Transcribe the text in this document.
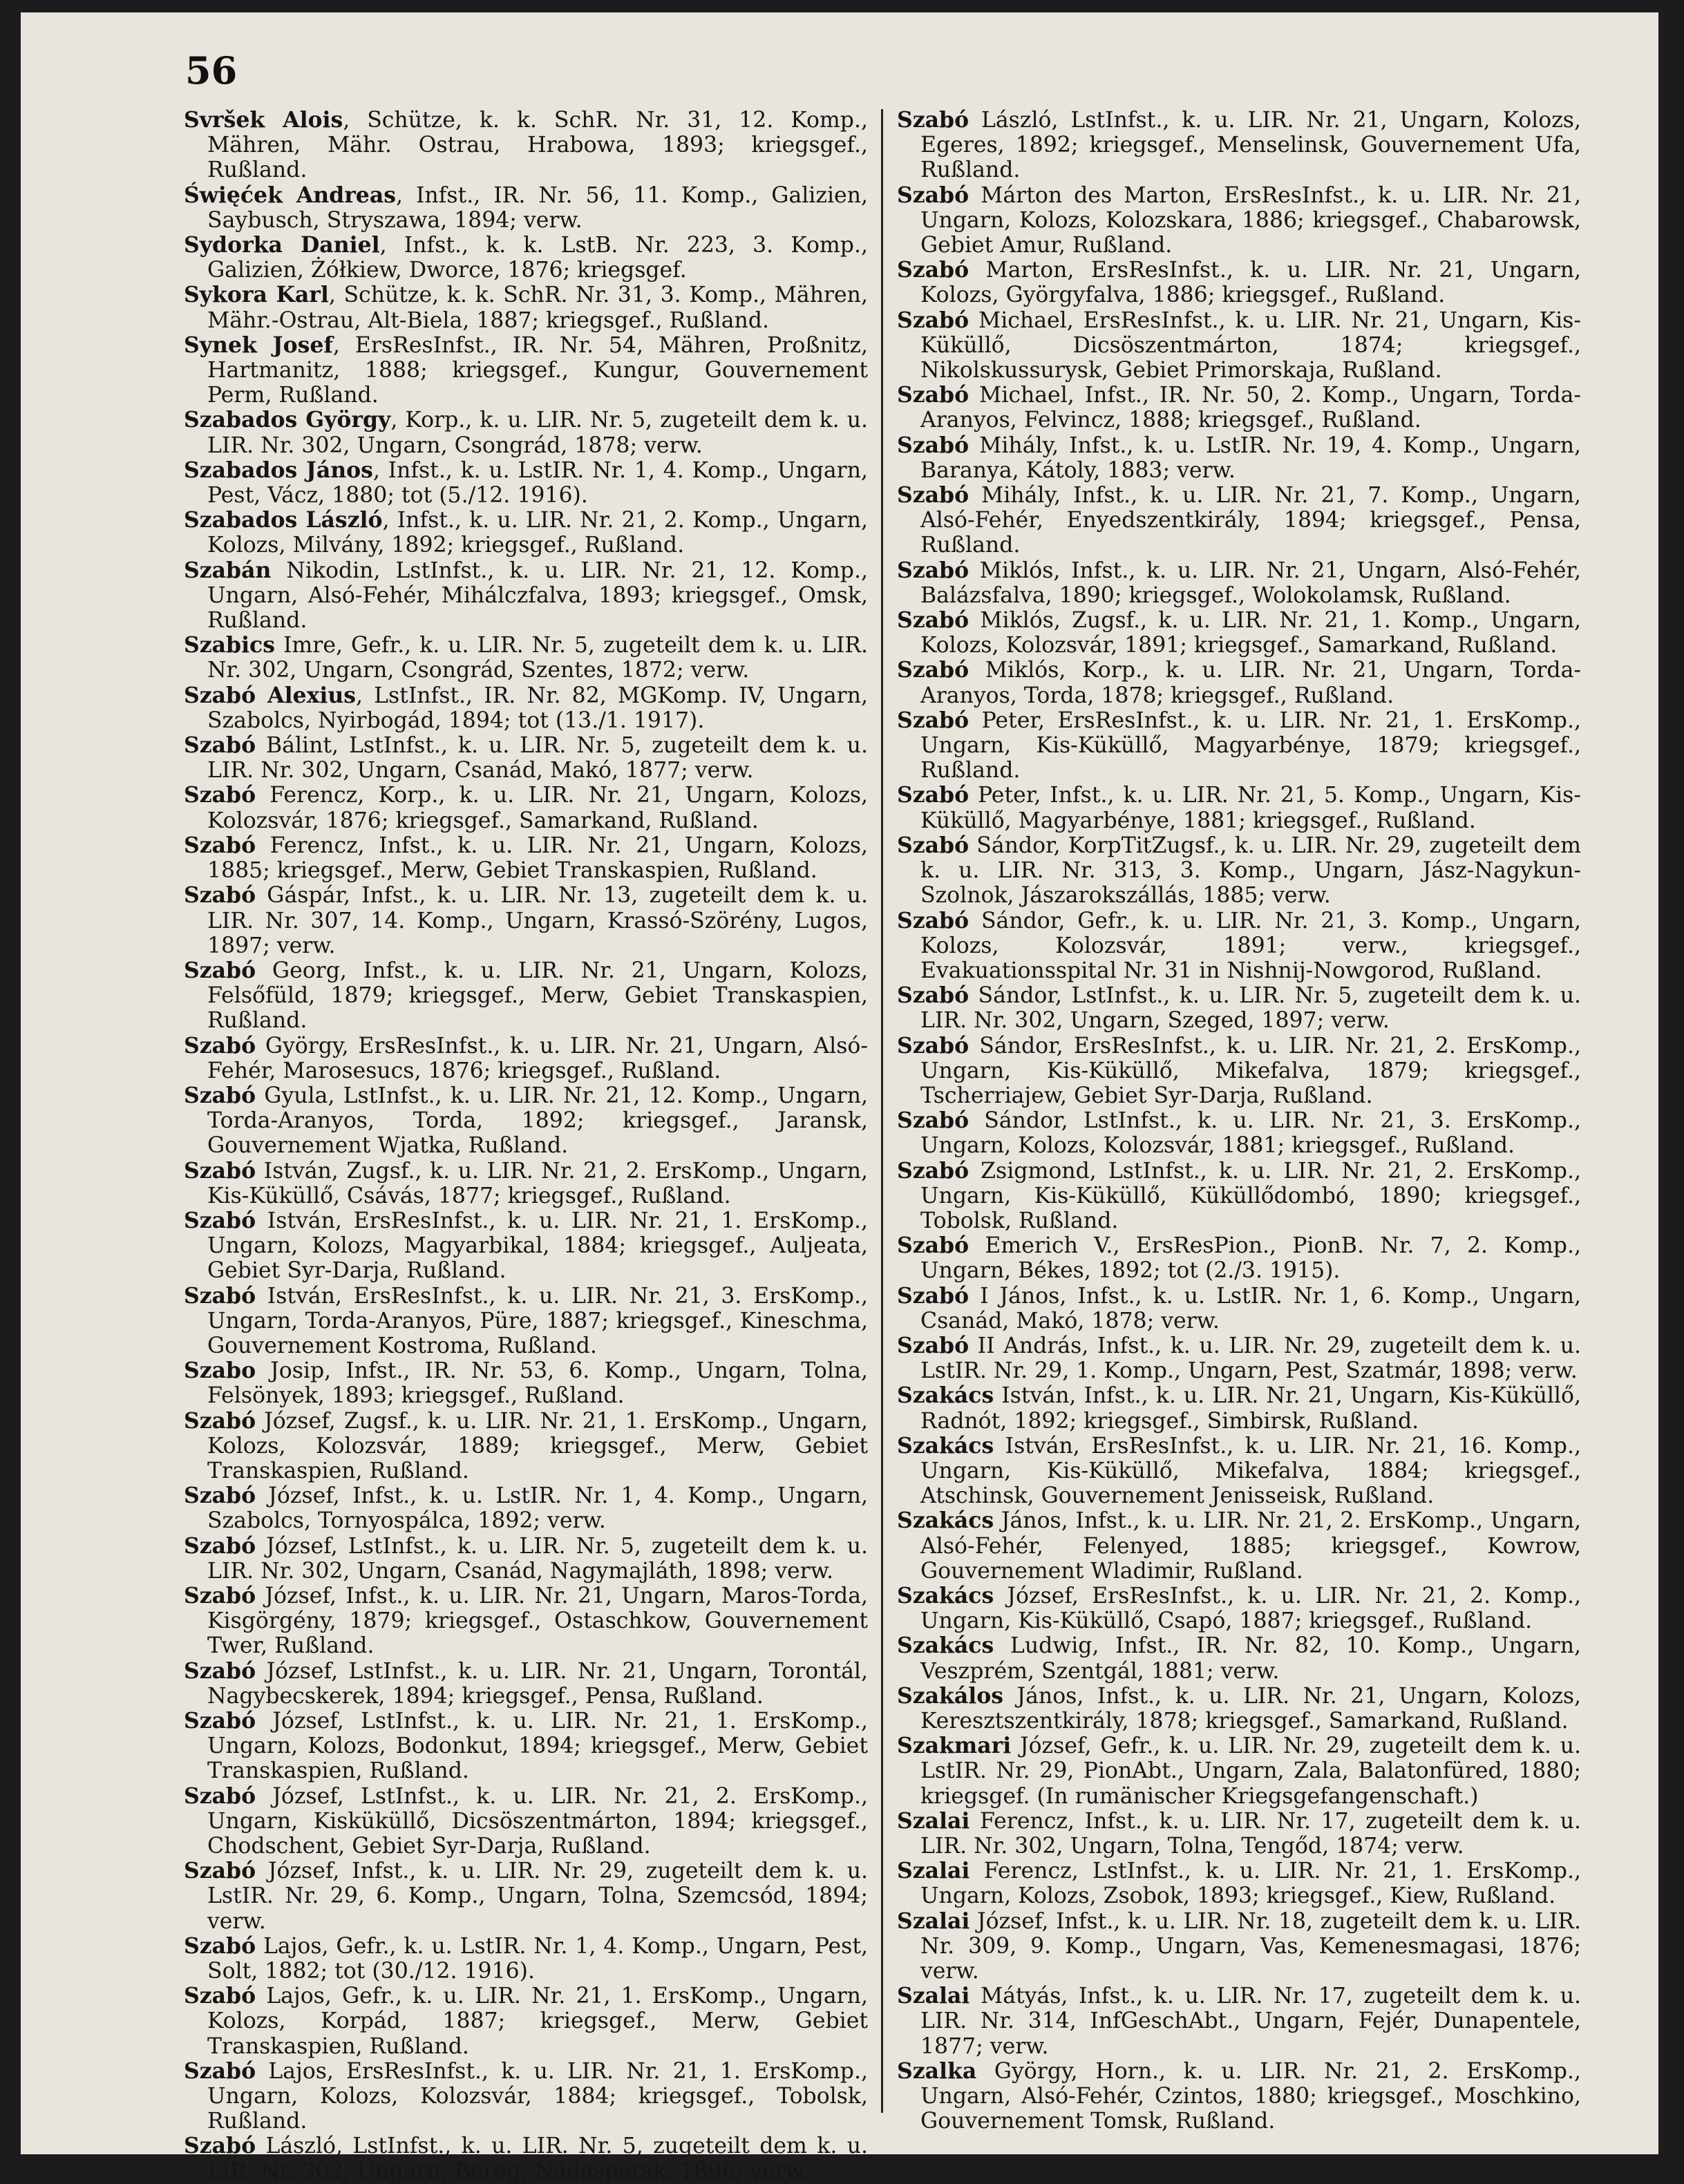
56

Svršek Alois, Schütze, k. k. SchR. Nr. 31, 12. Komp., Mähren, Mähr. Ostrau, Hrabowa, 1893; kriegsgef., Rußland.

Święćek Andreas, Infst., IR. Nr. 56, 11. Komp., Galizien, Saybusch, Stryszawa, 1894; verw.

Sydorka Daniel, Infst., k. k. LstB. Nr. 223, 3. Komp., Galizien, Żółkiew, Dworce, 1876; kriegsgef.

Sykora Karl, Schütze, k. k. SchR. Nr. 31, 3. Komp., Mähren, Mähr.-Ostrau, Alt-Biela, 1887; kriegsgef., Rußland.

Synek Josef, ErsResInfst., IR. Nr. 54, Mähren, Proßnitz, Hartmanitz, 1888; kriegsgef., Kungur, Gouvernement Perm, Rußland.

Szabados György, Korp., k. u. LIR. Nr. 5, zugeteilt dem k. u. LIR. Nr. 302, Ungarn, Csongrád, 1878; verw.

Szabados János, Infst., k. u. LstIR. Nr. 1, 4. Komp., Ungarn, Pest, Vácz, 1880; tot (5./12. 1916).

Szabados László, Infst., k. u. LIR. Nr. 21, 2. Komp., Ungarn, Kolozs, Milvány, 1892; kriegsgef., Rußland.

Szabán Nikodin, LstInfst., k. u. LIR. Nr. 21, 12. Komp., Ungarn, Alsó-Fehér, Mihálczfalva, 1893; kriegsgef., Omsk, Rußland.

Szabics Imre, Gefr., k. u. LIR. Nr. 5, zugeteilt dem k. u. LIR. Nr. 302, Ungarn, Csongrád, Szentes, 1872; verw.

Szabó Alexius, LstInfst., IR. Nr. 82, MGKomp. IV, Ungarn, Szabolcs, Nyirbogád, 1894; tot (13./1. 1917).

Szabó Bálint, LstInfst., k. u. LIR. Nr. 5, zugeteilt dem k. u. LIR. Nr. 302, Ungarn, Csanád, Makó, 1877; verw.

Szabó Ferencz, Korp., k. u. LIR. Nr. 21, Ungarn, Kolozs, Kolozsvár, 1876; kriegsgef., Samarkand, Rußland.

Szabó Ferencz, Infst., k. u. LIR. Nr. 21, Ungarn, Kolozs, 1885; kriegsgef., Merw, Gebiet Transkaspien, Rußland.

Szabó Gáspár, Infst., k. u. LIR. Nr. 13, zugeteilt dem k. u. LIR. Nr. 307, 14. Komp., Ungarn, Krassó-Szörény, Lugos, 1897; verw.

Szabó Georg, Infst., k. u. LIR. Nr. 21, Ungarn, Kolozs, Felsőfüld, 1879; kriegsgef., Merw, Gebiet Transkaspien, Rußland.

Szabó György, ErsResInfst., k. u. LIR. Nr. 21, Ungarn, Alsó-Fehér, Marosesucs, 1876; kriegsgef., Rußland.

Szabó Gyula, LstInfst., k. u. LIR. Nr. 21, 12. Komp., Ungarn, Torda-Aranyos, Torda, 1892; kriegsgef., Jaransk, Gouvernement Wjatka, Rußland.

Szabó István, Zugsf., k. u. LIR. Nr. 21, 2. ErsKomp., Ungarn, Kis-Küküllő, Csávás, 1877; kriegsgef., Rußland.

Szabó István, ErsResInfst., k. u. LIR. Nr. 21, 1. ErsKomp., Ungarn, Kolozs, Magyarbikal, 1884; kriegsgef., Auljeata, Gebiet Syr-Darja, Rußland.

Szabó István, ErsResInfst., k. u. LIR. Nr. 21, 3. ErsKomp., Ungarn, Torda-Aranyos, Püre, 1887; kriegsgef., Kineschma, Gouvernement Kostroma, Rußland.

Szabo Josip, Infst., IR. Nr. 53, 6. Komp., Ungarn, Tolna, Felsönyek, 1893; kriegsgef., Rußland.

Szabó József, Zugsf., k. u. LIR. Nr. 21, 1. ErsKomp., Ungarn, Kolozs, Kolozsvár, 1889; kriegsgef., Merw, Gebiet Transkaspien, Rußland.

Szabó József, Infst., k. u. LstIR. Nr. 1, 4. Komp., Ungarn, Szabolcs, Tornyospálca, 1892; verw.

Szabó József, LstInfst., k. u. LIR. Nr. 5, zugeteilt dem k. u. LIR. Nr. 302, Ungarn, Csanád, Nagymajláth, 1898; verw.

Szabó József, Infst., k. u. LIR. Nr. 21, Ungarn, Maros-Torda, Kisgörgény, 1879; kriegsgef., Ostaschkow, Gouvernement Twer, Rußland.

Szabó József, LstInfst., k. u. LIR. Nr. 21, Ungarn, Torontál, Nagybecskerek, 1894; kriegsgef., Pensa, Rußland.

Szabó József, LstInfst., k. u. LIR. Nr. 21, 1. ErsKomp., Ungarn, Kolozs, Bodonkut, 1894; kriegsgef., Merw, Gebiet Transkaspien, Rußland.

Szabó József, LstInfst., k. u. LIR. Nr. 21, 2. ErsKomp., Ungarn, Kisküküllő, Dicsöszentmárton, 1894; kriegsgef., Chodschent, Gebiet Syr-Darja, Rußland.

Szabó József, Infst., k. u. LIR. Nr. 29, zugeteilt dem k. u. LstIR. Nr. 29, 6. Komp., Ungarn, Tolna, Szemcsód, 1894; verw.

Szabó Lajos, Gefr., k. u. LstIR. Nr. 1, 4. Komp., Ungarn, Pest, Solt, 1882; tot (30./12. 1916).

Szabó Lajos, Gefr., k. u. LIR. Nr. 21, 1. ErsKomp., Ungarn, Kolozs, Korpád, 1887; kriegsgef., Merw, Gebiet Transkaspien, Rußland.

Szabó Lajos, ErsResInfst., k. u. LIR. Nr. 21, 1. ErsKomp., Ungarn, Kolozs, Kolozsvár, 1884; kriegsgef., Tobolsk, Rußland.

Szabó László, LstInfst., k. u. LIR. Nr. 5, zugeteilt dem k. u. LIR. Nr. 302, Ungarn, Bereg, Nádaspatak, 1896; verw.

Szabó László, LstInfst., k. u. LIR. Nr. 21, Ungarn, Kolozs, Egeres, 1892; kriegsgef., Menselinsk, Gouvernement Ufa, Rußland.

Szabó Márton des Marton, ErsResInfst., k. u. LIR. Nr. 21, Ungarn, Kolozs, Kolozskara, 1886; kriegsgef., Chabarowsk, Gebiet Amur, Rußland.

Szabó Marton, ErsResInfst., k. u. LIR. Nr. 21, Ungarn, Kolozs, Györgyfalva, 1886; kriegsgef., Rußland.

Szabó Michael, ErsResInfst., k. u. LIR. Nr. 21, Ungarn, Kis-Küküllő, Dicsöszentmárton, 1874; kriegsgef., Nikolskussurysk, Gebiet Primorskaja, Rußland.

Szabó Michael, Infst., IR. Nr. 50, 2. Komp., Ungarn, Torda-Aranyos, Felvincz, 1888; kriegsgef., Rußland.

Szabó Mihály, Infst., k. u. LstIR. Nr. 19, 4. Komp., Ungarn, Baranya, Kátoly, 1883; verw.

Szabó Mihály, Infst., k. u. LIR. Nr. 21, 7. Komp., Ungarn, Alsó-Fehér, Enyedszentkirály, 1894; kriegsgef., Pensa, Rußland.

Szabó Miklós, Infst., k. u. LIR. Nr. 21, Ungarn, Alsó-Fehér, Balázsfalva, 1890; kriegsgef., Wolokolamsk, Rußland.

Szabó Miklós, Zugsf., k. u. LIR. Nr. 21, 1. Komp., Ungarn, Kolozs, Kolozsvár, 1891; kriegsgef., Samarkand, Rußland.

Szabó Miklós, Korp., k. u. LIR. Nr. 21, Ungarn, Torda-Aranyos, Torda, 1878; kriegsgef., Rußland.

Szabó Peter, ErsResInfst., k. u. LIR. Nr. 21, 1. ErsKomp., Ungarn, Kis-Küküllő, Magyarbénye, 1879; kriegsgef., Rußland.

Szabó Peter, Infst., k. u. LIR. Nr. 21, 5. Komp., Ungarn, Kis-Küküllő, Magyarbénye, 1881; kriegsgef., Rußland.

Szabó Sándor, KorpTitZugsf., k. u. LIR. Nr. 29, zugeteilt dem k. u. LIR. Nr. 313, 3. Komp., Ungarn, Jász-Nagykun-Szolnok, Jászarokszállás, 1885; verw.

Szabó Sándor, Gefr., k. u. LIR. Nr. 21, 3. Komp., Ungarn, Kolozs, Kolozsvár, 1891; verw., kriegsgef., Evakuationsspital Nr. 31 in Nishnij-Nowgorod, Rußland.

Szabó Sándor, LstInfst., k. u. LIR. Nr. 5, zugeteilt dem k. u. LIR. Nr. 302, Ungarn, Szeged, 1897; verw.

Szabó Sándor, ErsResInfst., k. u. LIR. Nr. 21, 2. ErsKomp., Ungarn, Kis-Küküllő, Mikefalva, 1879; kriegsgef., Tscherriajew, Gebiet Syr-Darja, Rußland.

Szabó Sándor, LstInfst., k. u. LIR. Nr. 21, 3. ErsKomp., Ungarn, Kolozs, Kolozsvár, 1881; kriegsgef., Rußland.

Szabó Zsigmond, LstInfst., k. u. LIR. Nr. 21, 2. ErsKomp., Ungarn, Kis-Küküllő, Küküllődombó, 1890; kriegsgef., Tobolsk, Rußland.

Szabó Emerich V., ErsResPion., PionB. Nr. 7, 2. Komp., Ungarn, Békes, 1892; tot (2./3. 1915).

Szabó I János, Infst., k. u. LstIR. Nr. 1, 6. Komp., Ungarn, Csanád, Makó, 1878; verw.

Szabó II András, Infst., k. u. LIR. Nr. 29, zugeteilt dem k. u. LstIR. Nr. 29, 1. Komp., Ungarn, Pest, Szatmár, 1898; verw.

Szakács István, Infst., k. u. LIR. Nr. 21, Ungarn, Kis-Küküllő, Radnót, 1892; kriegsgef., Simbirsk, Rußland.

Szakács István, ErsResInfst., k. u. LIR. Nr. 21, 16. Komp., Ungarn, Kis-Küküllő, Mikefalva, 1884; kriegsgef., Atschinsk, Gouvernement Jenisseisk, Rußland.

Szakács János, Infst., k. u. LIR. Nr. 21, 2. ErsKomp., Ungarn, Alsó-Fehér, Felenyed, 1885; kriegsgef., Kowrow, Gouvernement Wladimir, Rußland.

Szakács József, ErsResInfst., k. u. LIR. Nr. 21, 2. Komp., Ungarn, Kis-Küküllő, Csapó, 1887; kriegsgef., Rußland.

Szakács Ludwig, Infst., IR. Nr. 82, 10. Komp., Ungarn, Veszprém, Szentgál, 1881; verw.

Szakálos János, Infst., k. u. LIR. Nr. 21, Ungarn, Kolozs, Keresztszentkirály, 1878; kriegsgef., Samarkand, Rußland.

Szakmari József, Gefr., k. u. LIR. Nr. 29, zugeteilt dem k. u. LstIR. Nr. 29, PionAbt., Ungarn, Zala, Balatonfüred, 1880; kriegsgef. (In rumänischer Kriegsgefangenschaft.)

Szalai Ferencz, Infst., k. u. LIR. Nr. 17, zugeteilt dem k. u. LIR. Nr. 302, Ungarn, Tolna, Tengőd, 1874; verw.

Szalai Ferencz, LstInfst., k. u. LIR. Nr. 21, 1. ErsKomp., Ungarn, Kolozs, Zsobok, 1893; kriegsgef., Kiew, Rußland.

Szalai József, Infst., k. u. LIR. Nr. 18, zugeteilt dem k. u. LIR. Nr. 309, 9. Komp., Ungarn, Vas, Kemenesmagasi, 1876; verw.

Szalai Mátyás, Infst., k. u. LIR. Nr. 17, zugeteilt dem k. u. LIR. Nr. 314, InfGeschAbt., Ungarn, Fejér, Dunapentele, 1877; verw.

Szalka György, Horn., k. u. LIR. Nr. 21, 2. ErsKomp., Ungarn, Alsó-Fehér, Czintos, 1880; kriegsgef., Moschkino, Gouvernement Tomsk, Rußland.
